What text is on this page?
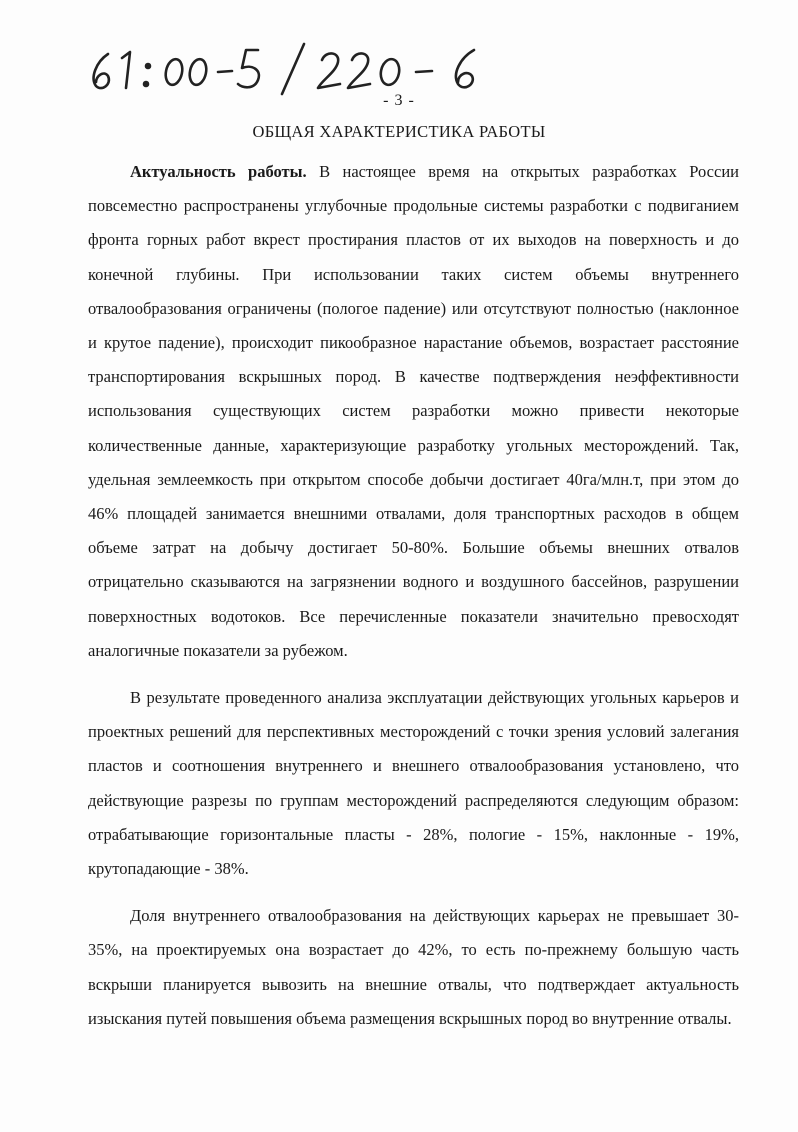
- 3 -
ОБЩАЯ ХАРАКТЕРИСТИКА РАБОТЫ

Актуальность работы. В настоящее время на открытых разработках России повсеместно распространены углубочные продольные системы разработки с подвиганием фронта горных работ вкрест простирания пластов от их выходов на поверхность и до конечной глубины. При использовании таких систем объемы внутреннего отвалообразования ограничены (пологое падение) или отсутствуют полностью (наклонное и крутое падение), происходит пикообразное нарастание объемов, возрастает расстояние транспортирования вскрышных пород. В качестве подтверждения неэффективности использования существующих систем разработки можно привести некоторые количественные данные, характеризующие разработку угольных месторождений. Так, удельная землеемкость при открытом способе добычи достигает 40га/млн.т, при этом до 46% площадей занимается внешними отвалами, доля транспортных расходов в общем объеме затрат на добычу достигает 50-80%. Большие объемы внешних отвалов отрицательно сказываются на загрязнении водного и воздушного бассейнов, разрушении поверхностных водотоков. Все перечисленные показатели значительно превосходят аналогичные показатели за рубежом.

В результате проведенного анализа эксплуатации действующих угольных карьеров и проектных решений для перспективных месторождений с точки зрения условий залегания пластов и соотношения внутреннего и внешнего отвалообразования установлено, что действующие разрезы по группам месторождений распределяются следующим образом: отрабатывающие горизонтальные пласты - 28%, пологие - 15%, наклонные - 19%, крутопадающие - 38%.

Доля внутреннего отвалообразования на действующих карьерах не превышает 30-35%, на проектируемых она возрастает до 42%, то есть по-прежнему большую часть вскрыши планируется вывозить на внешние отвалы, что подтверждает актуальность изыскания путей повышения объема размещения вскрышных пород во внутренние отвалы.
